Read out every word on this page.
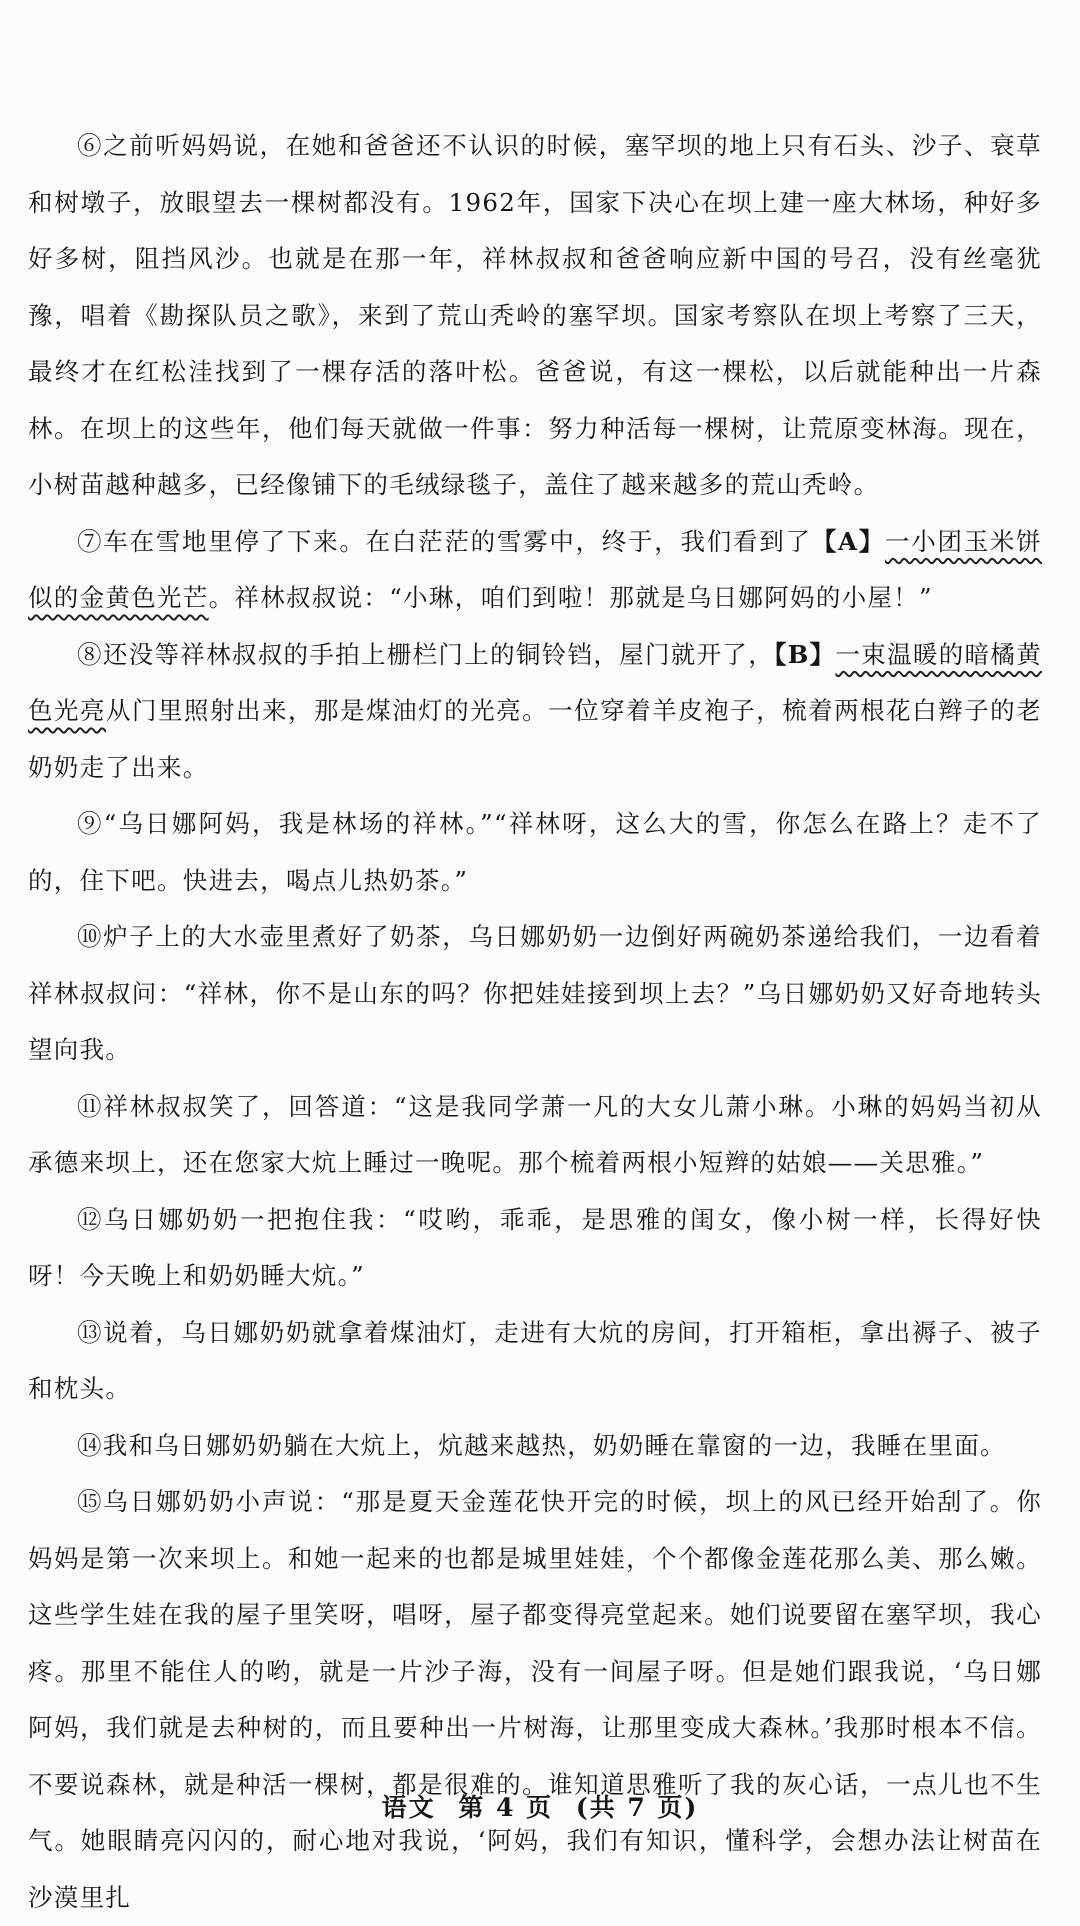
⑥之前听妈妈说，在她和爸爸还不认识的时候，塞罕坝的地上只有石头、沙子、衰草和树墩子，放眼望去一棵树都没有。1962年，国家下决心在坝上建一座大林场，种好多好多树，阻挡风沙。也就是在那一年，祥林叔叔和爸爸响应新中国的号召，没有丝毫犹豫，唱着《勘探队员之歌》，来到了荒山秃岭的塞罕坝。国家考察队在坝上考察了三天，最终才在红松洼找到了一棵存活的落叶松。爸爸说，有这一棵松，以后就能种出一片森林。在坝上的这些年，他们每天就做一件事：努力种活每一棵树，让荒原变林海。现在，小树苗越种越多，已经像铺下的毛绒绿毯子，盖住了越来越多的荒山秃岭。

⑦车在雪地里停了下来。在白茫茫的雪雾中，终于，我们看到了【A】一小团玉米饼似的金黄色光芒。祥林叔叔说：“小琳，咱们到啦！那就是乌日娜阿妈的小屋！”

⑧还没等祥林叔叔的手拍上栅栏门上的铜铃铛，屋门就开了，【B】一束温暖的暗橘黄色光亮从门里照射出来，那是煤油灯的光亮。一位穿着羊皮袍子，梳着两根花白辫子的老奶奶走了出来。

⑨“乌日娜阿妈，我是林场的祥林。”“祥林呀，这么大的雪，你怎么在路上？走不了的，住下吧。快进去，喝点儿热奶茶。”

⑩炉子上的大水壶里煮好了奶茶，乌日娜奶奶一边倒好两碗奶茶递给我们，一边看着祥林叔叔问：“祥林，你不是山东的吗？你把娃娃接到坝上去？”乌日娜奶奶又好奇地转头望向我。

⑪祥林叔叔笑了，回答道：“这是我同学萧一凡的大女儿萧小琳。小琳的妈妈当初从承德来坝上，还在您家大炕上睡过一晚呢。那个梳着两根小短辫的姑娘——关思雅。”

⑫乌日娜奶奶一把抱住我：“哎哟，乖乖，是思雅的闺女，像小树一样，长得好快呀！今天晚上和奶奶睡大炕。”

⑬说着，乌日娜奶奶就拿着煤油灯，走进有大炕的房间，打开箱柜，拿出褥子、被子和枕头。

⑭我和乌日娜奶奶躺在大炕上，炕越来越热，奶奶睡在靠窗的一边，我睡在里面。

⑮乌日娜奶奶小声说：“那是夏天金莲花快开完的时候，坝上的风已经开始刮了。你妈妈是第一次来坝上。和她一起来的也都是城里娃娃，个个都像金莲花那么美、那么嫩。这些学生娃在我的屋子里笑呀，唱呀，屋子都变得亮堂起来。她们说要留在塞罕坝，我心疼。那里不能住人的哟，就是一片沙子海，没有一间屋子呀。但是她们跟我说，‘乌日娜阿妈，我们就是去种树的，而且要种出一片树海，让那里变成大森林。’我那时根本不信。不要说森林，就是种活一棵树，都是很难的。谁知道思雅听了我的灰心话，一点儿也不生气。她眼睛亮闪闪的，耐心地对我说，‘阿妈，我们有知识，懂科学，会想办法让树苗在沙漠里扎

语文 第 4 页 (共 7 页)
